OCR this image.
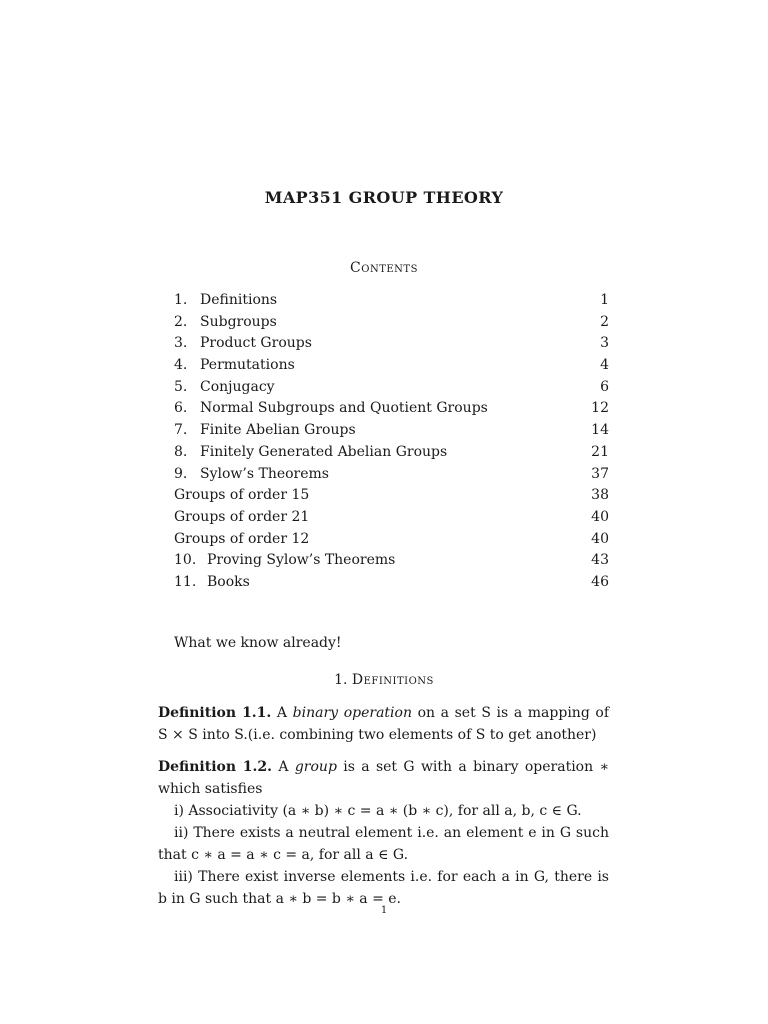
MAP351 GROUP THEORY
Contents
1. Definitions	1
2. Subgroups	2
3. Product Groups	3
4. Permutations	4
5. Conjugacy	6
6. Normal Subgroups and Quotient Groups	12
7. Finite Abelian Groups	14
8. Finitely Generated Abelian Groups	21
9. Sylow’s Theorems	37
Groups of order 15	38
Groups of order 21	40
Groups of order 12	40
10. Proving Sylow’s Theorems	43
11. Books	46
What we know already!
1. Definitions

Definition 1.1. A binary operation on a set S is a mapping of S × S into S.(i.e. combining two elements of S to get another)

Definition 1.2. A group is a set G with a binary operation ∗ which satisfies
i) Associativity (a ∗ b) ∗ c = a ∗ (b ∗ c), for all a, b, c ∈ G.
ii) There exists a neutral element i.e. an element e in G such that c ∗ a = a ∗ c = a, for all a ∈ G.
iii) There exist inverse elements i.e. for each a in G, there is b in G such that a ∗ b = b ∗ a = e.

1
